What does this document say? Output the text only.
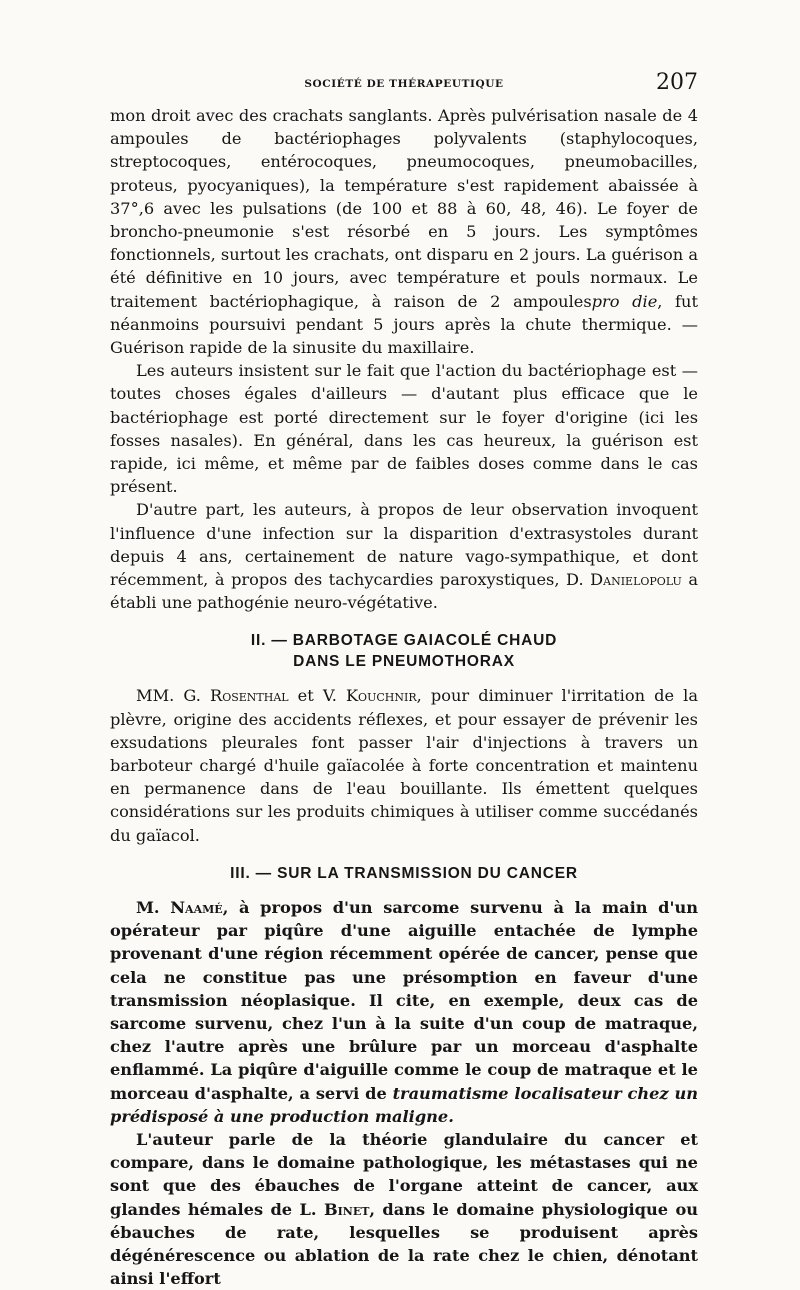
SOCIÉTÉ DE THÉRAPEUTIQUE	207

mon droit avec des crachats sanglants. Après pulvérisation nasale de 4 ampoules de bactériophages polyvalents (staphylocoques, streptocoques, entérocoques, pneumocoques, pneumobacilles, proteus, pyocyaniques), la température s'est rapidement abaissée à 37°,6 avec les pulsations (de 100 et 88 à 60, 48, 46). Le foyer de broncho-pneumonie s'est résorbé en 5 jours. Les symptômes fonctionnels, surtout les crachats, ont disparu en 2 jours. La guérison a été définitive en 10 jours, avec température et pouls normaux. Le traitement bactériophagique, à raison de 2 ampoulespro die, fut néanmoins poursuivi pendant 5 jours après la chute thermique. — Guérison rapide de la sinusite du maxillaire.

Les auteurs insistent sur le fait que l'action du bactériophage est — toutes choses égales d'ailleurs — d'autant plus efficace que le bactériophage est porté directement sur le foyer d'origine (ici les fosses nasales). En général, dans les cas heureux, la guérison est rapide, ici même, et même par de faibles doses comme dans le cas présent.

D'autre part, les auteurs, à propos de leur observation invoquent l'influence d'une infection sur la disparition d'extrasystoles durant depuis 4 ans, certainement de nature vago-sympathique, et dont récemment, à propos des tachycardies paroxystiques, D. Danielopolu a établi une pathogénie neuro-végétative.

II. — BARBOTAGE GAIACOLÉ CHAUD
DANS LE PNEUMOTHORAX

MM. G. Rosenthal et V. Kouchnir, pour diminuer l'irritation de la plèvre, origine des accidents réflexes, et pour essayer de prévenir les exsudations pleurales font passer l'air d'injections à travers un barboteur chargé d'huile gaïacolée à forte concentration et maintenu en permanence dans de l'eau bouillante. Ils émettent quelques considérations sur les produits chimiques à utiliser comme succédanés du gaïacol.

III. — SUR LA TRANSMISSION DU CANCER

M. Naamé, à propos d'un sarcome survenu à la main d'un opérateur par piqûre d'une aiguille entachée de lymphe provenant d'une région récemment opérée de cancer, pense que cela ne constitue pas une présomption en faveur d'une transmission néoplasique. Il cite, en exemple, deux cas de sarcome survenu, chez l'un à la suite d'un coup de matraque, chez l'autre après une brûlure par un morceau d'asphalte enflammé. La piqûre d'aiguille comme le coup de matraque et le morceau d'asphalte, a servi de traumatisme localisateur chez un prédisposé à une production maligne.

L'auteur parle de la théorie glandulaire du cancer et compare, dans le domaine pathologique, les métastases qui ne sont que des ébauches de l'organe atteint de cancer, aux glandes hémales de L. Binet, dans le domaine physiologique ou ébauches de rate, lesquelles se produisent après dégénérescence ou ablation de la rate chez le chien, dénotant ainsi l'effort
